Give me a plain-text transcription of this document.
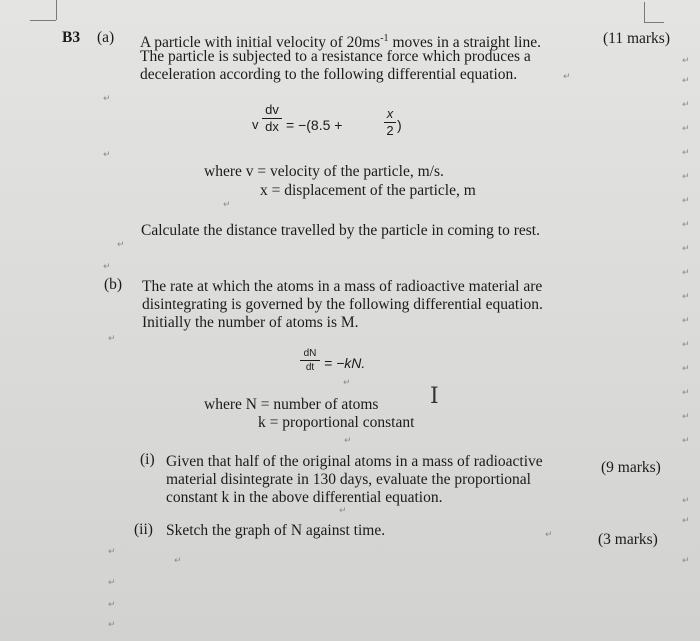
B3 (a) A particle with initial velocity of $20ms^{-1}$ moves in a straight line.	(11 marks)
The particle is subjected to a resistance force which produces a
deceleration according to the following differential equation.
v
dv
dx = −(8.5 +
x
2 )
where v = velocity of the particle, m/s.
x = displacement of the particle, m
Calculate the distance travelled by the particle in coming to rest.
(b) The rate at which the atoms in a mass of radioactive material are
disintegrating is governed by the following differential equation.
Initially the number of atoms is M.
dN
dt = −kN.
where N = number of atoms
k = proportional constant
I
(i) Given that half of the original atoms in a mass of radioactive
material disintegrate in 130 days, evaluate the proportional
constant k in the above differential equation.
(9 marks)
(ii) Sketch the graph of N against time.
(3 marks)
↵
↵
↵
↵
↵
↵
↵
↵
↵
↵
↵
↵
↵
↵
↵
↵
↵
↵
↵
↵
↵
↵
↵
↵
↵
↵
↵
↵
↵
↵
↵
↵
↵
↵
↵
↵
